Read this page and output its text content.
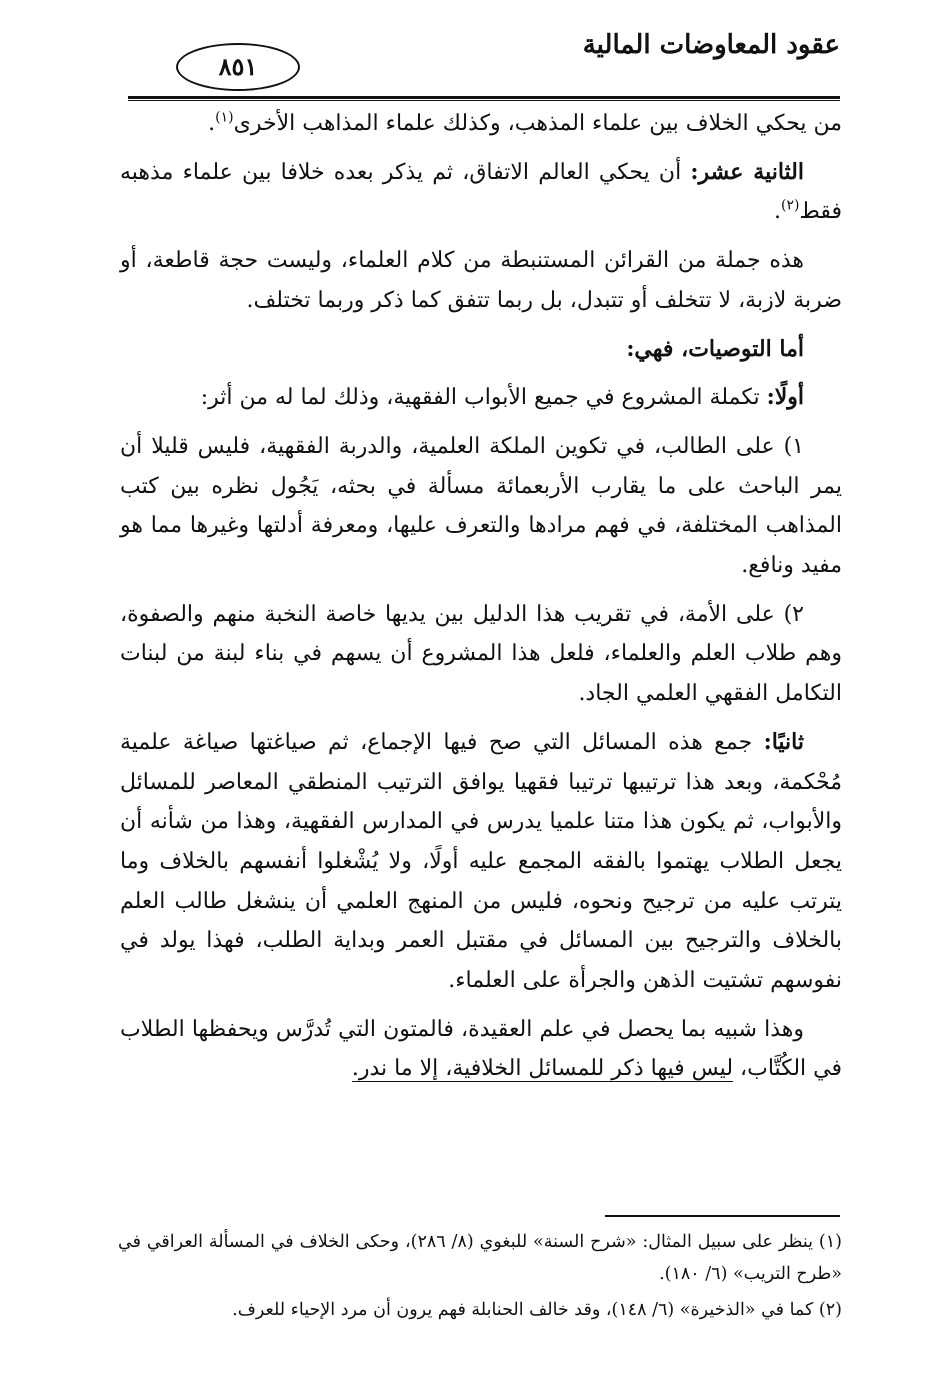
عقود المعاوضات المالية
٨٥١

من يحكي الخلاف بين علماء المذهب، وكذلك علماء المذاهب الأخرى$^{(١)}$.

الثانية عشر: أن يحكي العالم الاتفاق، ثم يذكر بعده خلافا بين علماء مذهبه فقط$^{(٢)}$.

هذه جملة من القرائن المستنبطة من كلام العلماء، وليست حجة قاطعة، أو ضربة لازبة، لا تتخلف أو تتبدل، بل ربما تتفق كما ذكر وربما تختلف.

أما التوصيات، فهي:

أولًا: تكملة المشروع في جميع الأبواب الفقهية، وذلك لما له من أثر:

١) على الطالب، في تكوين الملكة العلمية، والدربة الفقهية، فليس قليلا أن يمر الباحث على ما يقارب الأربعمائة مسألة في بحثه، يَجُول نظره بين كتب المذاهب المختلفة، في فهم مرادها والتعرف عليها، ومعرفة أدلتها وغيرها مما هو مفيد ونافع.

٢) على الأمة، في تقريب هذا الدليل بين يديها خاصة النخبة منهم والصفوة، وهم طلاب العلم والعلماء، فلعل هذا المشروع أن يسهم في بناء لبنة من لبنات التكامل الفقهي العلمي الجاد.

ثانيًا: جمع هذه المسائل التي صح فيها الإجماع، ثم صياغتها صياغة علمية مُحْكمة، وبعد هذا ترتيبها ترتيبا فقهيا يوافق الترتيب المنطقي المعاصر للمسائل والأبواب، ثم يكون هذا متنا علميا يدرس في المدارس الفقهية، وهذا من شأنه أن يجعل الطلاب يهتموا بالفقه المجمع عليه أولًا، ولا يُشْغلوا أنفسهم بالخلاف وما يترتب عليه من ترجيح ونحوه، فليس من المنهج العلمي أن ينشغل طالب العلم بالخلاف والترجيح بين المسائل في مقتبل العمر وبداية الطلب، فهذا يولد في نفوسهم تشتيت الذهن والجرأة على العلماء.

وهذا شبيه بما يحصل في علم العقيدة، فالمتون التي تُدرَّس ويحفظها الطلاب في الكُتَّاب، ليس فيها ذكر للمسائل الخلافية، إلا ما ندر.

(١) ينظر على سبيل المثال: «شرح السنة» للبغوي (٨/ ٢٨٦)، وحكى الخلاف في المسألة العراقي في «طرح التريب» (٦/ ١٨٠).

(٢) كما في «الذخيرة» (٦/ ١٤٨)، وقد خالف الحنابلة فهم يرون أن مرد الإحياء للعرف.
